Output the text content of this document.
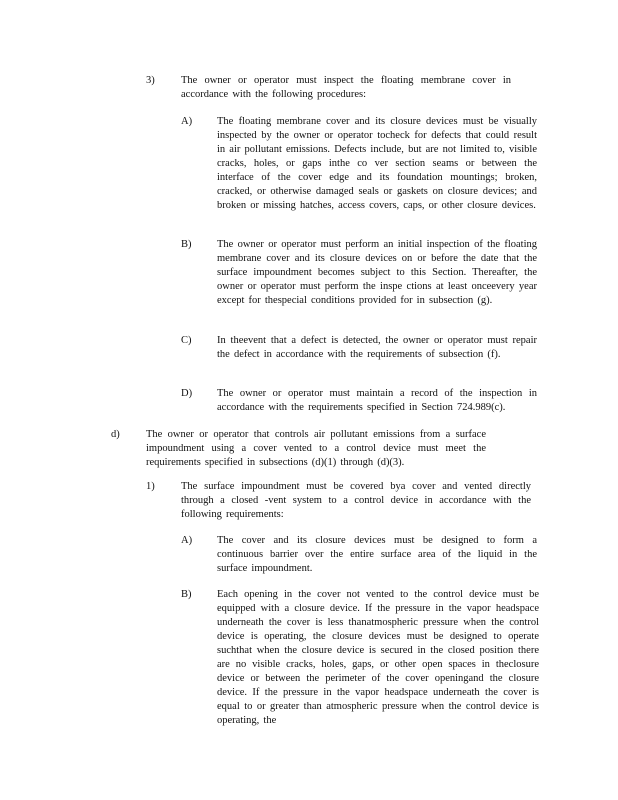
3)	The owner or operator must inspect the floating membrane cover in accordance with the following procedures:
A) The floating membrane cover and its closure devices must be visually inspected by the owner or operator tocheck for defects that could result in air pollutant emissions. Defects include, but are not limited to, visible cracks, holes, or gaps inthe co ver section seams or between the interface of the cover edge and its foundation mountings; broken, cracked, or otherwise damaged seals or gaskets on closure devices; and broken or missing hatches, access covers, caps, or other closure devices.
B) The owner or operator must perform an initial inspection of the floating membrane cover and its closure devices on or before the date that the surface impoundment becomes subject to this Section. Thereafter, the owner or operator must perform the inspe ctions at least onceevery year except for thespecial conditions provided for in subsection (g).
C) In theevent that a defect is detected, the owner or operator must repair the defect in accordance with the requirements of subsection (f).
D) The owner or operator must maintain a record of the inspection in accordance with the requirements specified in Section 724.989(c).
d)	The owner or operator that controls air pollutant emissions from a surface impoundment using a cover vented to a control device must meet the requirements specified in subsections (d)(1) through (d)(3).
1)	The surface impoundment must be covered bya cover and vented directly through a closed -vent system to a control device in accordance with the following requirements:
A) The cover and its closure devices must be designed to form a continuous barrier over the entire surface area of the liquid in the surface impoundment.
B) Each opening in the cover not vented to the control device must be equipped with a closure device. If the pressure in the vapor headspace underneath the cover is less thanatmospheric pressure when the control device is operating, the closure devices must be designed to operate suchthat when the closure device is secured in the closed position there are no visible cracks, holes, gaps, or other open spaces in theclosure device or between the perimeter of the cover openingand the closure device. If the pressure in the vapor headspace underneath the cover is equal to or greater than atmospheric pressure when the control device is operating, the
